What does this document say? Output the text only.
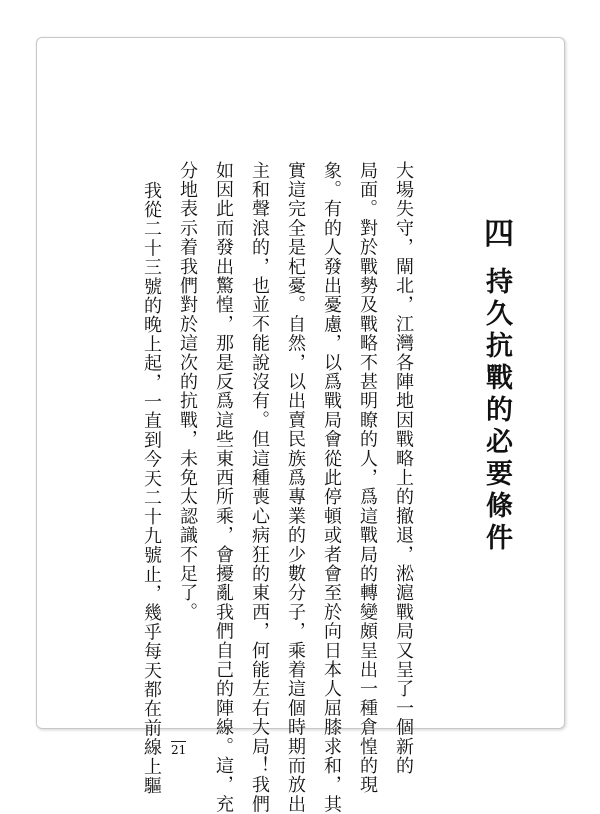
四
持久抗戰的必要條件
大場失守，閘北，江灣各陣地因戰略上的撤退，淞滬戰局又呈了一個新的
局面。對於戰勢及戰略不甚明瞭的人，爲這戰局的轉變頗呈出一種倉惶的現
象。有的人發出憂慮，以爲戰局會從此停頓或者會至於向日本人屈膝求和，其
實這完全是杞憂。自然，以出賣民族爲專業的少數分子，乘着這個時期而放出
主和聲浪的，也並不能說沒有。但這種喪心病狂的東西，何能左右大局！我們
如因此而發出驚惶，那是反爲這些東西所乘，會擾亂我們自己的陣線。這，充
分地表示着我們對於這次的抗戰，未免太認識不足了。
我從二十三號的晚上起，一直到今天二十九號止，幾乎每天都在前線上驅 21
